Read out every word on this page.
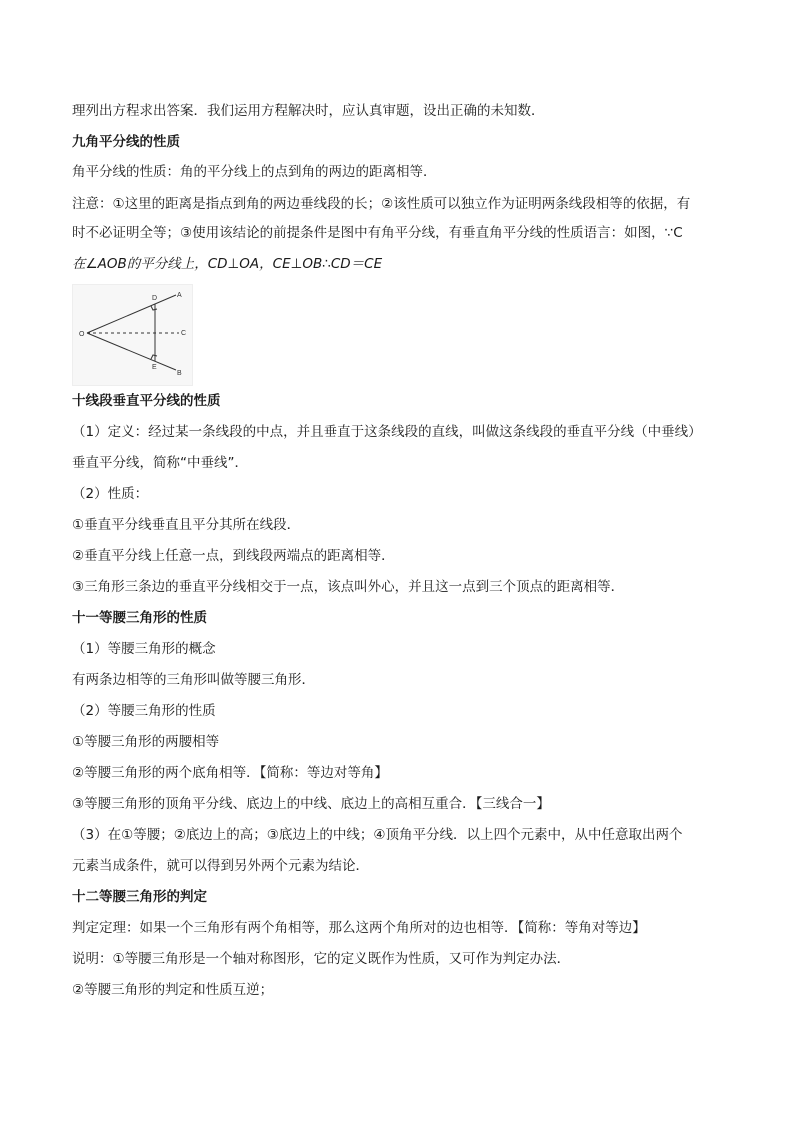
理列出方程求出答案．我们运用方程解决时，应认真审题，设出正确的未知数．
九角平分线的性质
角平分线的性质：角的平分线上的点到角的两边的距离相等．
注意：①这里的距离是指点到角的两边垂线段的长；②该性质可以独立作为证明两条线段相等的依据，有
时不必证明全等；③使用该结论的前提条件是图中有角平分线，有垂直角平分线的性质语言：如图，∵C
在∠AOB的平分线上，CD⊥OA，CE⊥OB∴CD＝CE
O
A
B
C
D
E
十线段垂直平分线的性质
（1）定义：经过某一条线段的中点，并且垂直于这条线段的直线，叫做这条线段的垂直平分线（中垂线）
垂直平分线，简称“中垂线”．
（2）性质：
①垂直平分线垂直且平分其所在线段．
②垂直平分线上任意一点，到线段两端点的距离相等．
③三角形三条边的垂直平分线相交于一点，该点叫外心，并且这一点到三个顶点的距离相等．
十一等腰三角形的性质
（1）等腰三角形的概念
有两条边相等的三角形叫做等腰三角形．
（2）等腰三角形的性质
①等腰三角形的两腰相等
②等腰三角形的两个底角相等．【简称：等边对等角】
③等腰三角形的顶角平分线、底边上的中线、底边上的高相互重合．【三线合一】
（3）在①等腰；②底边上的高；③底边上的中线；④顶角平分线．以上四个元素中，从中任意取出两个
元素当成条件，就可以得到另外两个元素为结论．
十二等腰三角形的判定
判定定理：如果一个三角形有两个角相等，那么这两个角所对的边也相等．【简称：等角对等边】
说明：①等腰三角形是一个轴对称图形，它的定义既作为性质，又可作为判定办法．
②等腰三角形的判定和性质互逆；
